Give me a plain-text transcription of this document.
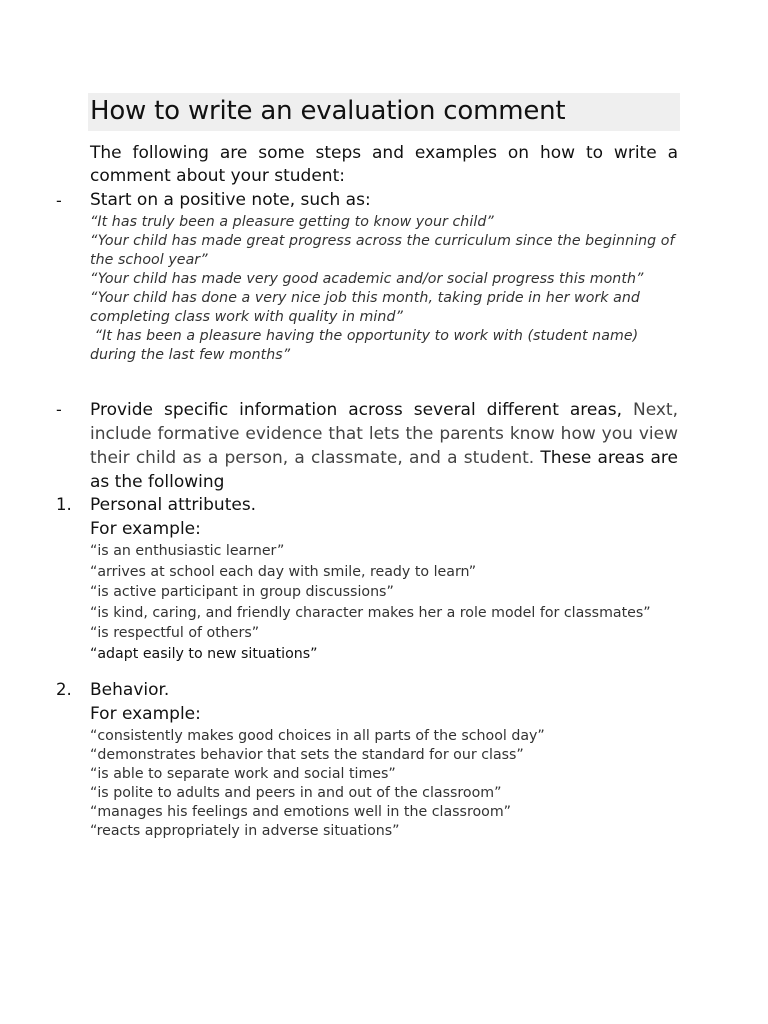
How to write an evaluation comment
The following are some steps and examples on how to write a comment about your student:
- Start on a positive note, such as:
“It has truly been a pleasure getting to know your child”
“Your child has made great progress across the curriculum since the beginning of the school year”
“Your child has made very good academic and/or social progress this month”
“Your child has done a very nice job this month, taking pride in her work and completing class work with quality in mind”
“It has been a pleasure having the opportunity to work with (student name) during the last few months”
- Provide specific information across several different areas, Next, include formative evidence that lets the parents know how you view their child as a person, a classmate, and a student. These areas are as the following
1. Personal attributes.
For example:
“is an enthusiastic learner”
“arrives at school each day with smile, ready to learn”
“is active participant in group discussions”
“is kind, caring, and friendly character makes her a role model for classmates”
“is respectful of others”
“adapt easily to new situations”
2. Behavior.
For example:
“consistently makes good choices in all parts of the school day”
“demonstrates behavior that sets the standard for our class”
“is able to separate work and social times”
“is polite to adults and peers in and out of the classroom”
“manages his feelings and emotions well in the classroom”
“reacts appropriately in adverse situations”
